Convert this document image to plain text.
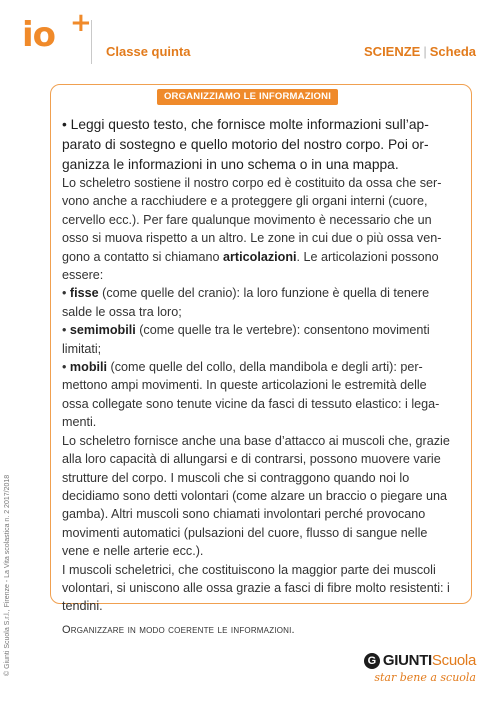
io +
Classe quinta	SCIENZE | Scheda
ORGANIZZIAMO LE INFORMAZIONI
• Leggi questo testo, che fornisce molte informazioni sull’apparato di sostegno e quello motorio del nostro corpo. Poi organizza le informazioni in uno schema o in una mappa.

Lo scheletro sostiene il nostro corpo ed è costituito da ossa che servono anche a racchiudere e a proteggere gli organi interni (cuore, cervello ecc.). Per fare qualunque movimento è necessario che un osso si muova rispetto a un altro. Le zone in cui due o più ossa vengono a contatto si chiamano articolazioni. Le articolazioni possono essere:

• fisse (come quelle del cranio): la loro funzione è quella di tenere salde le ossa tra loro;

• semimobili (come quelle tra le vertebre): consentono movimenti limitati;

• mobili (come quelle del collo, della mandibola e degli arti): permettono ampi movimenti. In queste articolazioni le estremità delle ossa collegate sono tenute vicine da fasci di tessuto elastico: i legamenti.

Lo scheletro fornisce anche una base d’attacco ai muscoli che, grazie alla loro capacità di allungarsi e di contrarsi, possono muovere varie strutture del corpo. I muscoli che si contraggono quando noi lo decidiamo sono detti volontari (come alzare un braccio o piegare una gamba). Altri muscoli sono chiamati involontari perché provocano movimenti automatici (pulsazioni del cuore, flusso di sangue nelle vene e nelle arterie ecc.).

I muscoli scheletrici, che costituiscono la maggior parte dei muscoli volontari, si uniscono alle ossa grazie a fasci di fibre molto resistenti: i tendini.

Organizzare in modo coerente le informazioni.
© Giunti Scuola S.r.l., Firenze - La Vita scolastica n. 2 2017/2018	G GIUNTIScuola
star bene a scuola
